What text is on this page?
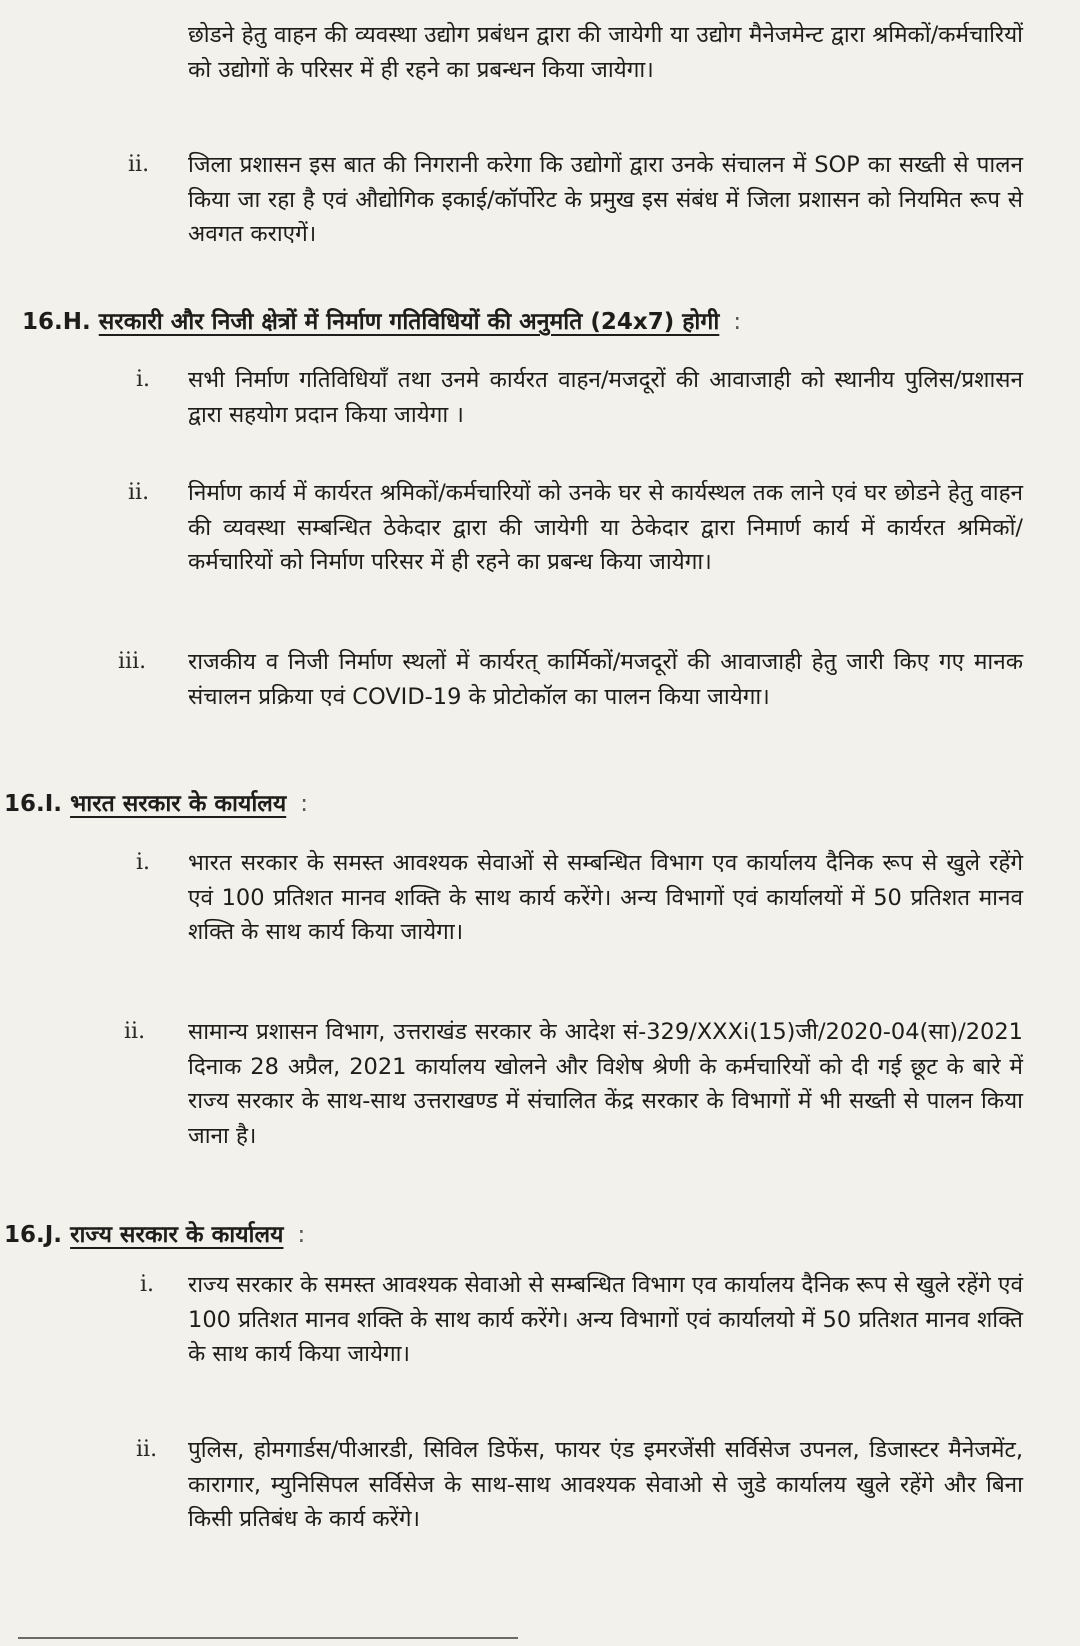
छोडने हेतु वाहन की व्यवस्था उद्योग प्रबंधन द्वारा की जायेगी या उद्योग मैनेजमेन्ट द्वारा श्रमिकों/कर्मचारियों को उद्योगों के परिसर में ही रहने का प्रबन्धन किया जायेगा।

ii. जिला प्रशासन इस बात की निगरानी करेगा कि उद्योगों द्वारा उनके संचालन में SOP का सख्ती से पालन किया जा रहा है एवं औद्योगिक इकाई/कॉर्पोरेट के प्रमुख इस संबंध में जिला प्रशासन को नियमित रूप से अवगत कराएगें।

16.H. सरकारी और निजी क्षेत्रों में निर्माण गतिविधियों की अनुमति (24x7) होगी :
i. सभी निर्माण गतिविधियाँ तथा उनमे कार्यरत वाहन/मजदूरों की आवाजाही को स्थानीय पुलिस/प्रशासन द्वारा सहयोग प्रदान किया जायेगा ।

ii. निर्माण कार्य में कार्यरत श्रमिकों/कर्मचारियों को उनके घर से कार्यस्थल तक लाने एवं घर छोडने हेतु वाहन की व्यवस्था सम्बन्धित ठेकेदार द्वारा की जायेगी या ठेकेदार द्वारा निमार्ण कार्य में कार्यरत श्रमिकों/कर्मचारियों को निर्माण परिसर में ही रहने का प्रबन्ध किया जायेगा।

iii. राजकीय व निजी निर्माण स्थलों में कार्यरत् कार्मिकों/मजदूरों की आवाजाही हेतु जारी किए गए मानक संचालन प्रक्रिया एवं COVID-19 के प्रोटोकॉल का पालन किया जायेगा।

16.I. भारत सरकार के कार्यालय :
i. भारत सरकार के समस्त आवश्यक सेवाओं से सम्बन्धित विभाग एव कार्यालय दैनिक रूप से खुले रहेंगे एवं 100 प्रतिशत मानव शक्ति के साथ कार्य करेंगे। अन्य विभागों एवं कार्यालयों में 50 प्रतिशत मानव शक्ति के साथ कार्य किया जायेगा।

ii. सामान्य प्रशासन विभाग, उत्तराखंड सरकार के आदेश सं-329/XXXi(15)जी/2020-04(सा)/2021 दिनाक 28 अप्रैल, 2021 कार्यालय खोलने और विशेष श्रेणी के कर्मचारियों को दी गई छूट के बारे में राज्य सरकार के साथ-साथ उत्तराखण्ड में संचालित केंद्र सरकार के विभागों में भी सख्ती से पालन किया जाना है।

16.J. राज्य सरकार के कार्यालय :
i. राज्य सरकार के समस्त आवश्यक सेवाओ से सम्बन्धित विभाग एव कार्यालय दैनिक रूप से खुले रहेंगे एवं 100 प्रतिशत मानव शक्ति के साथ कार्य करेंगे। अन्य विभागों एवं कार्यालयो में 50 प्रतिशत मानव शक्ति के साथ कार्य किया जायेगा।

ii. पुलिस, होमगार्डस/पीआरडी, सिविल डिफेंस, फायर एंड इमरजेंसी सर्विसेज उपनल, डिजास्टर मैनेजमेंट, कारागार, म्युनिसिपल सर्विसेज के साथ-साथ आवश्यक सेवाओ से जुडे कार्यालय खुले रहेंगे और बिना किसी प्रतिबंध के कार्य करेंगे।
